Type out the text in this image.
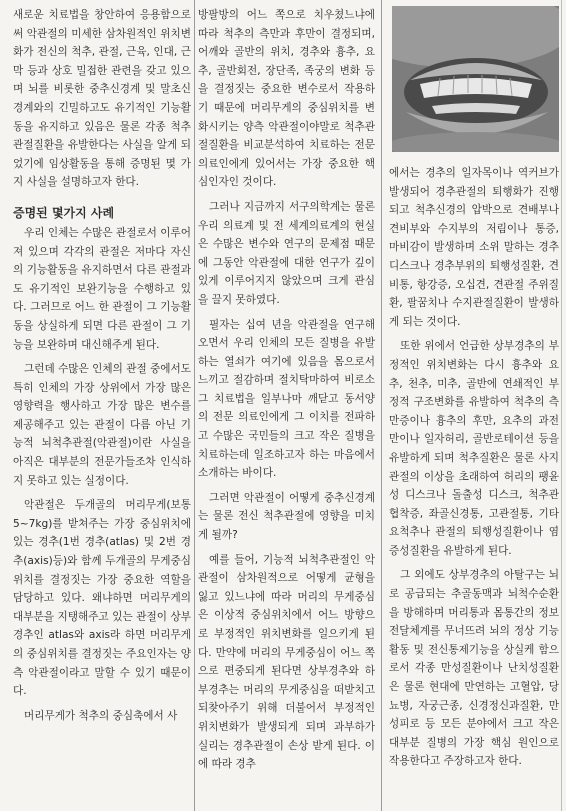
새로운 치료법을 창안하여 응용함으로써 악관절의 미세한 삼차원적인 위치변화가 전신의 척추, 관절, 근육, 인대, 근막 등과 상호 밀접한 관련을 갖고 있으며 뇌를 비롯한 중추신경계 및 말초신경계와의 긴밀하고도 유기적인 기능활동을 유지하고 있음은 물론 각종 척추관절질환을 유발한다는 사실을 알게 되었기에 임상활동을 통해 증명된 몇 가지 사실을 설명하고자 한다.

증명된 몇가지 사례

우리 인체는 수많은 관절로서 이루어져 있으며 각각의 관절은 저마다 자신의 기능활동을 유지하면서 다른 관절과도 유기적인 보완기능을 수행하고 있다. 그러므로 어느 한 관절이 그 기능활동을 상실하게 되면 다른 관절이 그 기능을 보완하며 대신해주게 된다.

그런데 수많은 인체의 관절 중에서도 특히 인체의 가장 상위에서 가장 많은 영향력을 행사하고 가장 많은 변수를 제공해주고 있는 관절이 다름 아닌 기능적 뇌척추관절(악관절)이란 사실을 아직은 대부분의 전문가들조차 인식하지 못하고 있는 실정이다.

악관절은 두개골의 머리무게(보통 5~7kg)를 받쳐주는 가장 중심위치에 있는 경추(1번 경추(atlas) 및 2번 경추(axis)등)와 함께 두개골의 무게중심 위치를 결정짓는 가장 중요한 역할을 담당하고 있다. 왜냐하면 머리무게의 대부분을 지탱해주고 있는 관절이 상부경추인 atlas와 axis라 하면 머리무게의 중심위치를 결정짓는 주요인자는 양측 악관절이라고 말할 수 있기 때문이다.

머리무게가 척추의 중심축에서 사

방팔방의 어느 쪽으로 치우쳤느냐에 따라 척추의 측만과 후만이 결정되며, 어깨와 골반의 위치, 경추와 흉추, 요추, 골반회전, 장단족, 족궁의 변화 등을 결정짓는 중요한 변수로서 작용하기 때문에 머리무게의 중심위치를 변화시키는 양측 악관절이야말로 척추관절질환을 비교분석하여 치료하는 전문 의료인에게 있어서는 가장 중요한 핵심인자인 것이다.

그러나 지금까지 서구의학계는 물론 우리 의료계 및 전 세계의료계의 현실은 수많은 변수와 연구의 문제점 때문에 그동안 악관절에 대한 연구가 깊이 있게 이루어지지 않았으며 크게 관심을 끌지 못하였다.

필자는 십여 년을 악관절을 연구해오면서 우리 인체의 모든 질병을 유발하는 열쇠가 여기에 있음을 몸으로서 느끼고 절감하며 절치탁마하여 비로소 그 치료법을 일부나마 깨닫고 동서양의 전문 의료인에게 그 이치를 전파하고 수많은 국민들의 크고 작은 질병을 치료하는데 일조하고자 하는 마음에서 소개하는 바이다.

그러면 악관절이 어떻게 중추신경계는 물론 전신 척추관절에 영향을 미치게 될까?

예를 들어, 기능적 뇌척추관절인 악관절이 삼차원적으로 어떻게 균형을 잃고 있느냐에 따라 머리의 무게중심은 이상적 중심위치에서 어느 방향으로 부정적인 위치변화를 일으키게 된다. 만약에 머리의 무게중심이 어느 쪽으로 편중되게 된다면 상부경추와 하부경추는 머리의 무게중심을 떠받치고 되찾아주기 위해 더불어서 부정적인 위치변화가 발생되게 되며 과부하가 실리는 경추관절이 손상 받게 된다. 이에 따라 경추

에서는 경추의 일자목이나 역커브가 발생되어 경추관절의 퇴행화가 진행되고 척추신경의 압박으로 견배부나 견비부와 수지부의 저림이나 통증, 마비감이 발생하며 소위 말하는 경추디스크나 경추부위의 퇴행성질환, 견비통, 항강증, 오십견, 견관절 주위질환, 팔꿈치나 수지관절질환이 발생하게 되는 것이다.

또한 위에서 언급한 상부경추의 부정적인 위치변화는 다시 흉추와 요추, 천추, 미추, 골반에 연쇄적인 부정적 구조변화를 유발하여 척추의 측만증이나 흉추의 후만, 요추의 과전만이나 일자허리, 골반로테이션 등을 유발하게 되며 척추질환은 물론 사지관절의 이상을 초래하여 허리의 팽윤성 디스크나 돌출성 디스크, 척추관협착증, 좌골신경통, 고관절통, 기타 요척추나 관절의 퇴행성질환이나 염증성질환을 유발하게 된다.

그 외에도 상부경추의 아탈구는 뇌로 공급되는 추골동맥과 뇌척수순환을 방해하며 머리통과 몸통간의 정보전달체계를 무너뜨려 뇌의 정상 기능 활동 및 전신통제기능을 상실케 함으로서 각종 만성질환이나 난치성질환은 물론 현대에 만연하는 고혈압, 당뇨병, 자궁근종, 신경정신과질환, 만성피로 등 모든 분야에서 크고 작은 대부분 질병의 가장 핵심 원인으로 작용한다고 주장하고자 한다.
